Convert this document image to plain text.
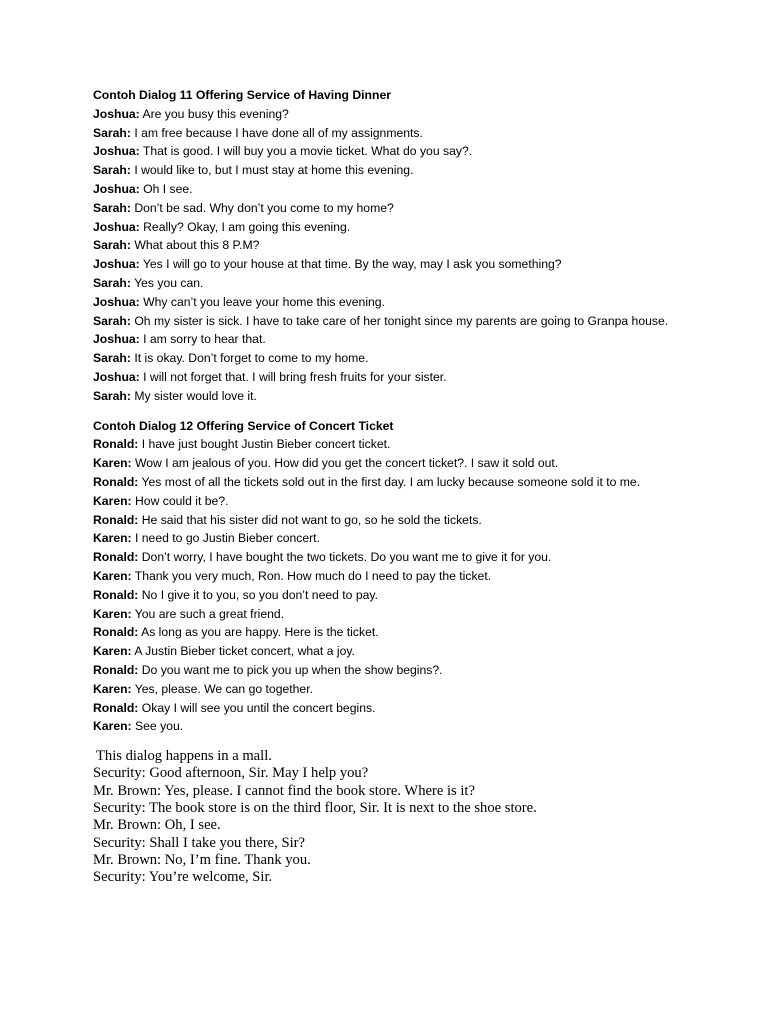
Contoh Dialog 11 Offering Service of Having Dinner
Joshua: Are you busy this evening?
Sarah: I am free because I have done all of my assignments.
Joshua: That is good. I will buy you a movie ticket. What do you say?.
Sarah: I would like to, but I must stay at home this evening.
Joshua: Oh I see.
Sarah: Don’t be sad. Why don’t you come to my home?
Joshua: Really? Okay, I am going this evening.
Sarah: What about this 8 P.M?
Joshua: Yes I will go to your house at that time. By the way, may I ask you something?
Sarah: Yes you can.
Joshua: Why can’t you leave your home this evening.
Sarah: Oh my sister is sick. I have to take care of her tonight since my parents are going to Granpa house.
Joshua: I am sorry to hear that.
Sarah: It is okay. Don’t forget to come to my home.
Joshua: I will not forget that. I will bring fresh fruits for your sister.
Sarah: My sister would love it.
Contoh Dialog 12 Offering Service of Concert Ticket
Ronald: I have just bought Justin Bieber concert ticket.
Karen: Wow I am jealous of you. How did you get the concert ticket?. I saw it sold out.
Ronald: Yes most of all the tickets sold out in the first day. I am lucky because someone sold it to me.
Karen: How could it be?.
Ronald: He said that his sister did not want to go, so he sold the tickets.
Karen: I need to go Justin Bieber concert.
Ronald: Don’t worry, I have bought the two tickets. Do you want me to give it for you.
Karen: Thank you very much, Ron. How much do I need to pay the ticket.
Ronald: No I give it to you, so you don’t need to pay.
Karen: You are such a great friend.
Ronald: As long as you are happy. Here is the ticket.
Karen: A Justin Bieber ticket concert, what a joy.
Ronald: Do you want me to pick you up when the show begins?.
Karen: Yes, please. We can go together.
Ronald: Okay I will see you until the concert begins.
Karen: See you.
This dialog happens in a mall.
Security: Good afternoon, Sir. May I help you?
Mr. Brown: Yes, please. I cannot find the book store. Where is it?
Security: The book store is on the third floor, Sir. It is next to the shoe store.
Mr. Brown: Oh, I see.
Security: Shall I take you there, Sir?
Mr. Brown: No, I’m fine. Thank you.
Security: You’re welcome, Sir.
